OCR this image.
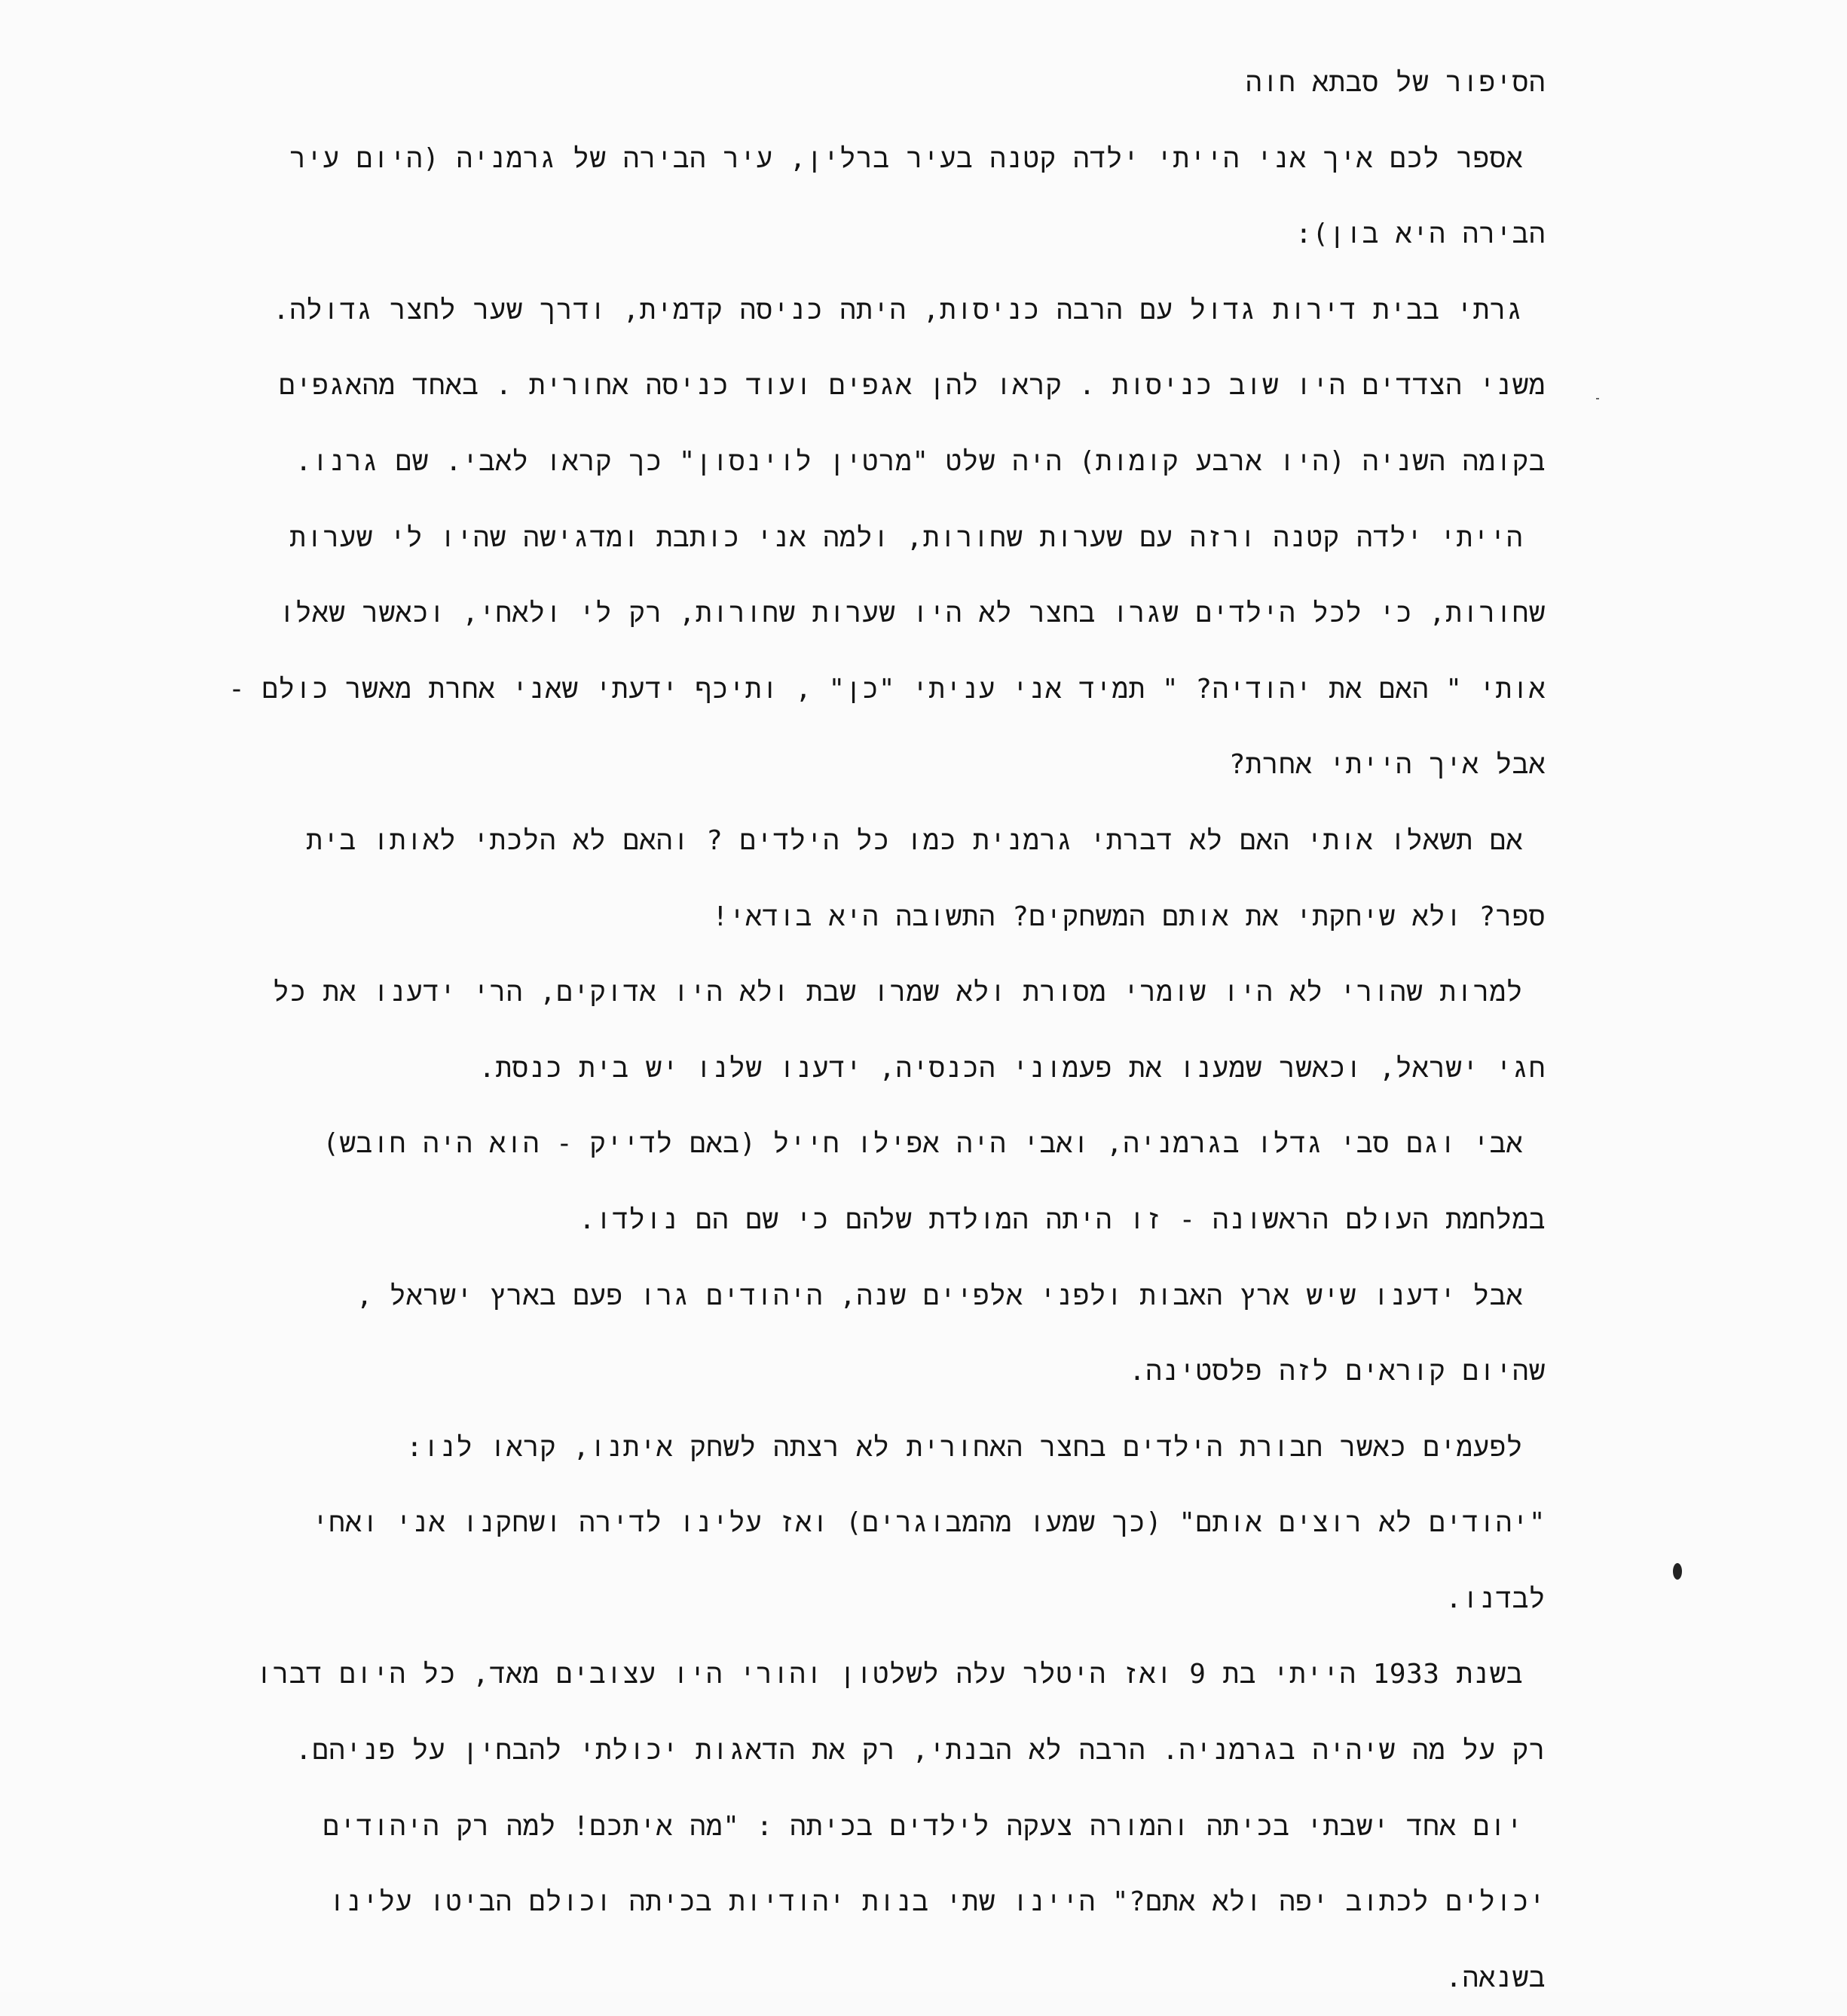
הסיפור של סבתא חוה
אספר לכם איך אני הייתי ילדה קטנה בעיר ברלין, עיר הבירה של גרמניה (היום עיר
הבירה היא בון):
גרתי בבית דירות גדול עם הרבה כניסות, היתה כניסה קדמית, ודרך שער לחצר גדולה.
משני הצדדים היו שוב כניסות . קראו להן אגפים ועוד כניסה אחורית . באחד מהאגפים
בקומה השניה (היו ארבע קומות) היה שלט "מרטין לוינסון" כך קראו לאבי. שם גרנו.
הייתי ילדה קטנה ורזה עם שערות שחורות, ולמה אני כותבת ומדגישה שהיו לי שערות
שחורות, כי לכל הילדים שגרו בחצר לא היו שערות שחורות, רק לי ולאחי, וכאשר שאלו
אותי " האם את יהודיה? " תמיד אני עניתי "כן" , ותיכף ידעתי שאני אחרת מאשר כולם -
אבל איך הייתי אחרת?
אם תשאלו אותי האם לא דברתי גרמנית כמו כל הילדים ? והאם לא הלכתי לאותו בית
ספר? ולא שיחקתי את אותם המשחקים? התשובה היא בודאי!
למרות שהורי לא היו שומרי מסורת ולא שמרו שבת ולא היו אדוקים, הרי ידענו את כל
חגי ישראל, וכאשר שמענו את פעמוני הכנסיה, ידענו שלנו יש בית כנסת.
אבי וגם סבי גדלו בגרמניה, ואבי היה אפילו חייל (באם לדייק - הוא היה חובש)
במלחמת העולם הראשונה - זו היתה המולדת שלהם כי שם הם נולדו.
אבל ידענו שיש ארץ האבות ולפני אלפיים שנה, היהודים גרו פעם בארץ ישראל ,
שהיום קוראים לזה פלסטינה.
לפעמים כאשר חבורת הילדים בחצר האחורית לא רצתה לשחק איתנו, קראו לנו:
"יהודים לא רוצים אותם" (כך שמעו מהמבוגרים) ואז עלינו לדירה ושחקנו אני ואחי
לבדנו.
בשנת 1933 הייתי בת 9 ואז היטלר עלה לשלטון והורי היו עצובים מאד, כל היום דברו
רק על מה שיהיה בגרמניה. הרבה לא הבנתי, רק את הדאגות יכולתי להבחין על פניהם.
יום אחד ישבתי בכיתה והמורה צעקה לילדים בכיתה : "מה איתכם! למה רק היהודים
יכולים לכתוב יפה ולא אתם?" היינו שתי בנות יהודיות בכיתה וכולם הביטו עלינו
בשנאה.
